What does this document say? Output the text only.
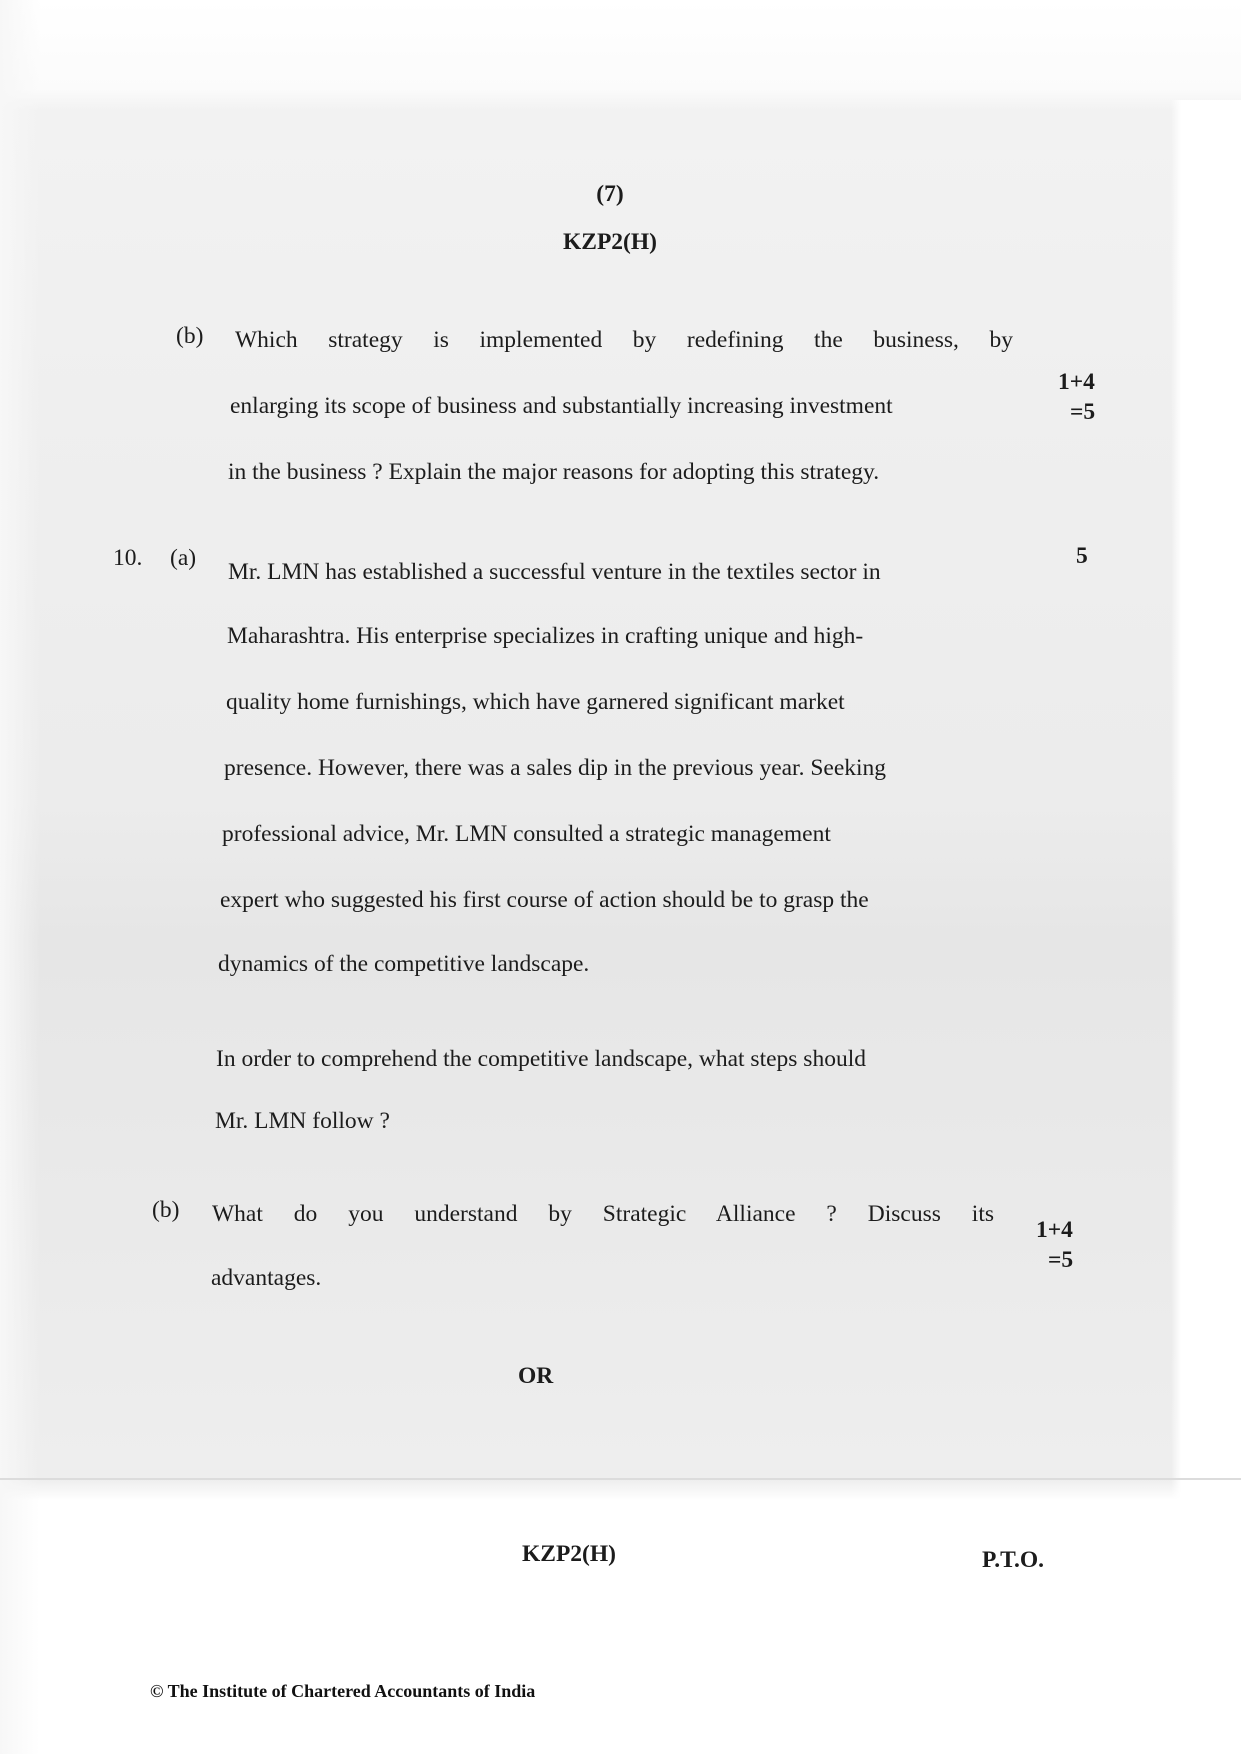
(7)
KZP2(H)
(b) Which strategy is implemented by redefining the business, by
enlarging its scope of business and substantially increasing investment
in the business ? Explain the major reasons for adopting this strategy.
1+4
=5
10. (a)	5
Mr. LMN has established a successful venture in the textiles sector in
Maharashtra. His enterprise specializes in crafting unique and high-
quality home furnishings, which have garnered significant market
presence. However, there was a sales dip in the previous year. Seeking
professional advice, Mr. LMN consulted a strategic management
expert who suggested his first course of action should be to grasp the
dynamics of the competitive landscape.
In order to comprehend the competitive landscape, what steps should
Mr. LMN follow ?
(b) What do you understand by Strategic Alliance ? Discuss its
advantages.
1+4
=5
OR
KZP2(H)	P.T.O.
© The Institute of Chartered Accountants of India
